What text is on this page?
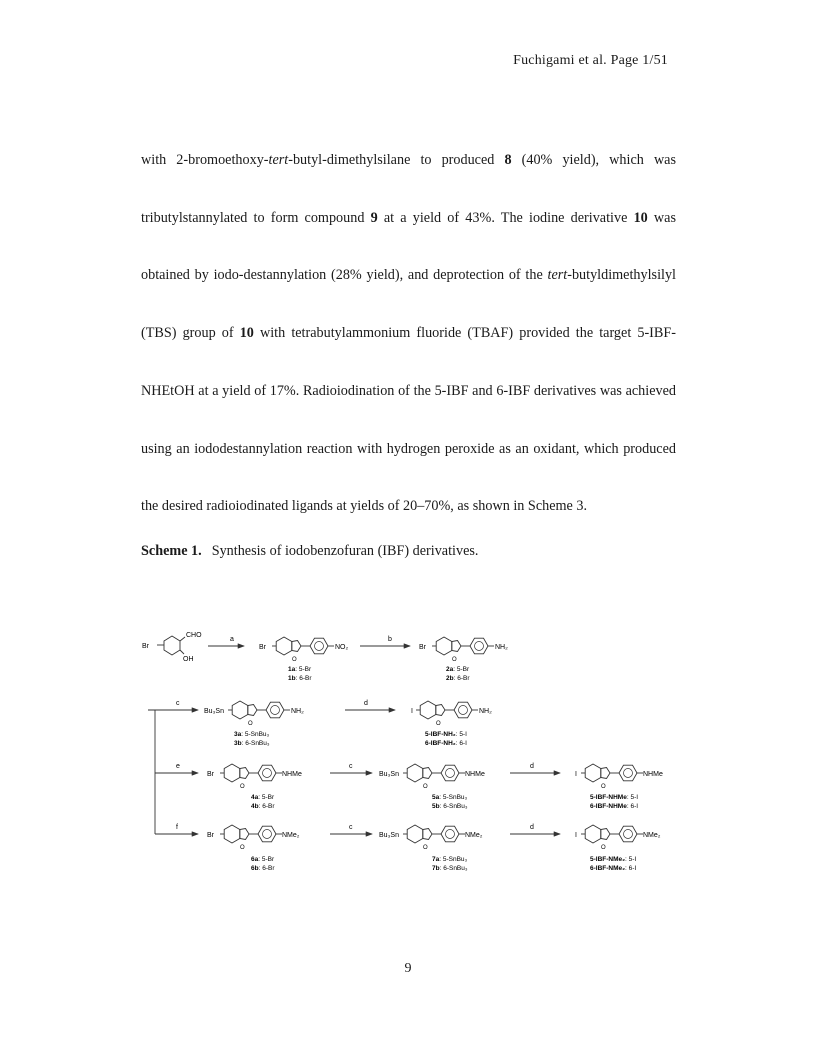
Fuchigami et al. Page 1/51

with 2-bromoethoxy-tert-butyl-dimethylsilane to produced 8 (40% yield), which was tributylstannylated to form compound 9 at a yield of 43%. The iodine derivative 10 was obtained by iodo-destannylation (28% yield), and deprotection of the tert-butyldimethylsilyl (TBS) group of 10 with tetrabutylammonium fluoride (TBAF) provided the target 5-IBF-NHEtOH at a yield of 17%. Radioiodination of the 5-IBF and 6-IBF derivatives was achieved using an iododestannylation reaction with hydrogen peroxide as an oxidant, which produced the desired radioiodinated ligands at yields of 20–70%, as shown in Scheme 3.

Scheme 1. Synthesis of iodobenzofuran (IBF) derivatives.
Br
CHO
OH
a
Br	NO₂
O
1a: 5-Br
1b: 6-Br
b
Br	NH₂
O
2a: 5-Br
2b: 6-Br
c
e
f
Bu₃Sn	NH₂
O
3a: 5-SnBu₃
3b: 6-SnBu₃
d
I	NH₂
O
5-IBF-NH₂: 5-I
6-IBF-NH₂: 6-I
Br	NHMe
O
4a: 5-Br
4b: 6-Br
c
Bu₃Sn	NHMe
O
5a: 5-SnBu₃
5b: 6-SnBu₃
d
I	NHMe
O
5-IBF-NHMe: 5-I
6-IBF-NHMe: 6-I
Br	NMe₂
O
6a: 5-Br
6b: 6-Br
c
Bu₃Sn	NMe₂
O
7a: 5-SnBu₃
7b: 6-SnBu₃
d
I	NMe₂
O
5-IBF-NMe₂: 5-I
6-IBF-NMe₂: 6-I
9
